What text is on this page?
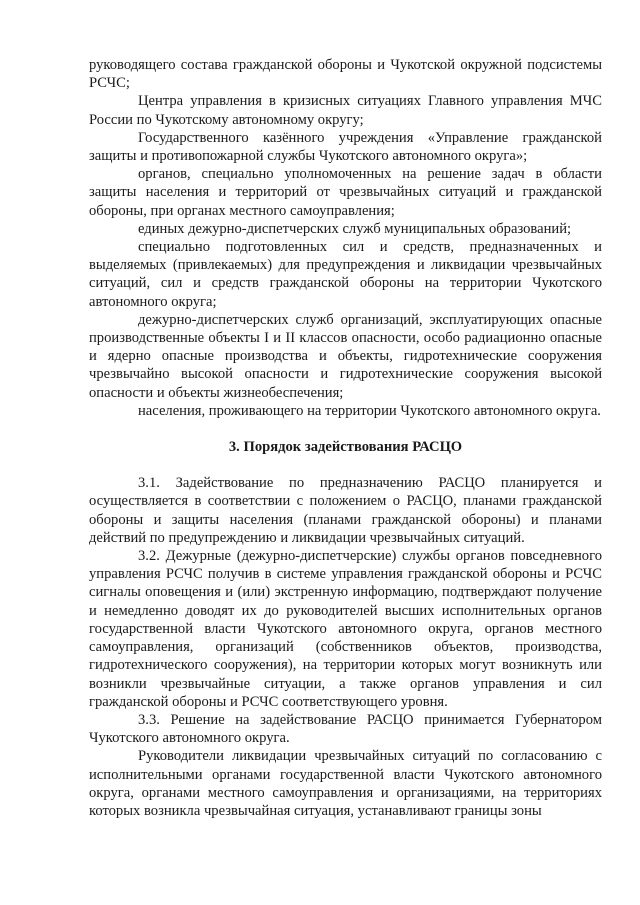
руководящего состава гражданской обороны и Чукотской окружной подсистемы РСЧС;

Центра управления в кризисных ситуациях Главного управления МЧС России по Чукотскому автономному округу;

Государственного казённого учреждения «Управление гражданской защиты и противопожарной службы Чукотского автономного округа»;

органов, специально уполномоченных на решение задач в области защиты населения и территорий от чрезвычайных ситуаций и гражданской обороны, при органах местного самоуправления;

единых дежурно-диспетчерских служб муниципальных образований;

специально подготовленных сил и средств, предназначенных и выделяемых (привлекаемых) для предупреждения и ликвидации чрезвычайных ситуаций, сил и средств гражданской обороны на территории Чукотского автономного округа;

дежурно-диспетчерских служб организаций, эксплуатирующих опасные производственные объекты I и II классов опасности, особо радиационно опасные и ядерно опасные производства и объекты, гидротехнические сооружения чрезвычайно высокой опасности и гидротехнические сооружения высокой опасности и объекты жизнеобеспечения;

населения, проживающего на территории Чукотского автономного округа.

3. Порядок задействования РАСЦО

3.1. Задействование по предназначению РАСЦО планируется и осуществляется в соответствии с положением о РАСЦО, планами гражданской обороны и защиты населения (планами гражданской обороны) и планами действий по предупреждению и ликвидации чрезвычайных ситуаций.

3.2. Дежурные (дежурно-диспетчерские) службы органов повседневного управления РСЧС получив в системе управления гражданской обороны и РСЧС сигналы оповещения и (или) экстренную информацию, подтверждают получение и немедленно доводят их до руководителей высших исполнительных органов государственной власти Чукотского автономного округа, органов местного самоуправления, организаций (собственников объектов, производства, гидротехнического сооружения), на территории которых могут возникнуть или возникли чрезвычайные ситуации, а также органов управления и сил гражданской обороны и РСЧС соответствующего уровня.

3.3. Решение на задействование РАСЦО принимается Губернатором Чукотского автономного округа.

Руководители ликвидации чрезвычайных ситуаций по согласованию с исполнительными органами государственной власти Чукотского автономного округа, органами местного самоуправления и организациями, на территориях которых возникла чрезвычайная ситуация, устанавливают границы зоны
